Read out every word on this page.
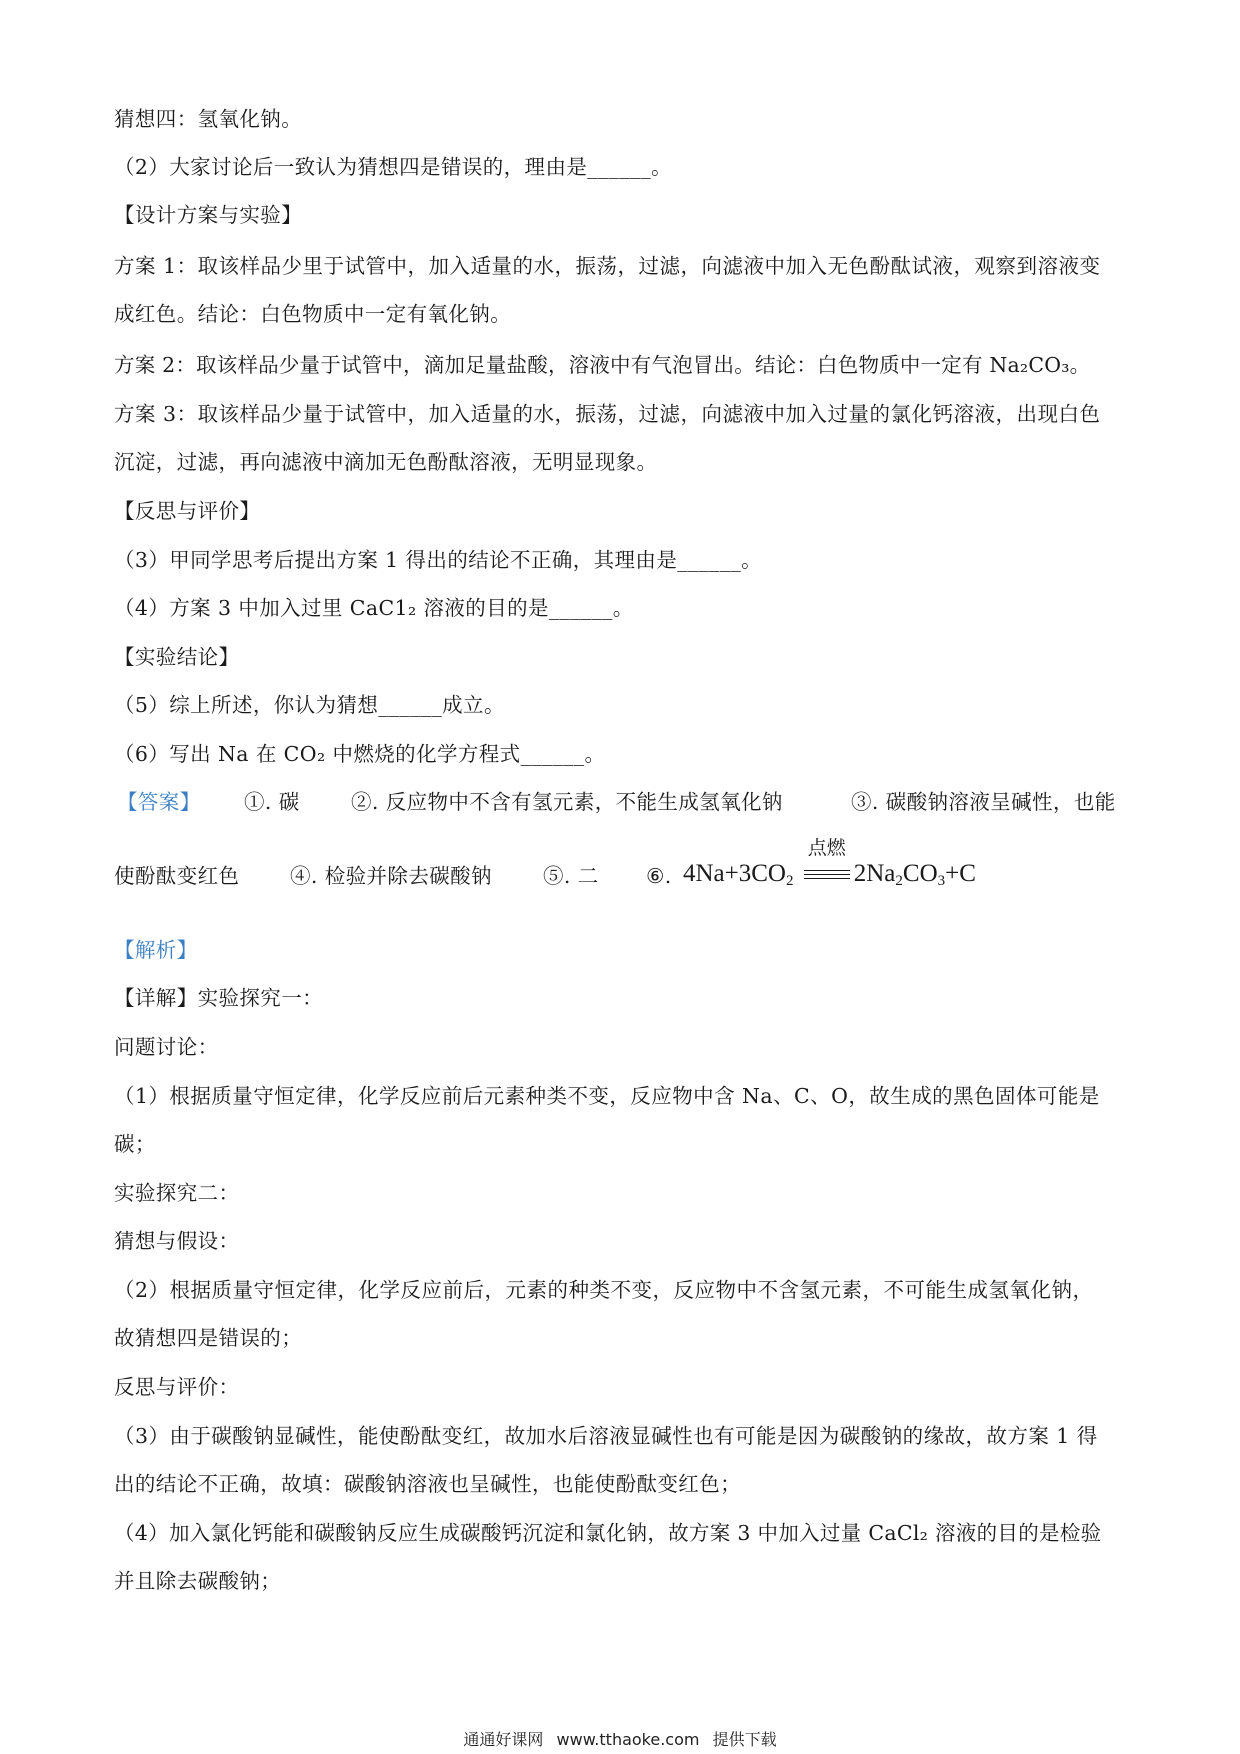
猜想四：氢氧化钠。
（2）大家讨论后一致认为猜想四是错误的，理由是______。
【设计方案与实验】
方案 1：取该样品少里于试管中，加入适量的水，振荡，过滤，向滤液中加入无色酚酞试液，观察到溶液变
成红色。结论：白色物质中一定有氧化钠。
方案 2：取该样品少量于试管中，滴加足量盐酸，溶液中有气泡冒出。结论：白色物质中一定有 Na₂CO₃。
方案 3：取该样品少量于试管中，加入适量的水，振荡，过滤，向滤液中加入过量的氯化钙溶液，出现白色
沉淀，过滤，再向滤液中滴加无色酚酞溶液，无明显现象。
【反思与评价】
（3）甲同学思考后提出方案 1 得出的结论不正确，其理由是______。
（4）方案 3 中加入过里 CaC1₂ 溶液的目的是______。
【实验结论】
（5）综上所述，你认为猜想______成立。
（6）写出 Na 在 CO₂ 中燃烧的化学方程式______。
【答案】 ①. 碳	②. 反应物中不含有氢元素，不能生成氢氧化钠	③. 碳酸钠溶液呈碱性，也能
使酚酞变红色 ④. 检验并除去碳酸钠 ⑤. 二 ⑥. $4Na+3CO_2$
点燃
$2Na_2CO_3+C$
【解析】
【详解】实验探究一：
问题讨论：
（1）根据质量守恒定律，化学反应前后元素种类不变，反应物中含 Na、C、O，故生成的黑色固体可能是
碳；
实验探究二：
猜想与假设：
（2）根据质量守恒定律，化学反应前后，元素的种类不变，反应物中不含氢元素，不可能生成氢氧化钠，
故猜想四是错误的；
反思与评价：
（3）由于碳酸钠显碱性，能使酚酞变红，故加水后溶液显碱性也有可能是因为碳酸钠的缘故，故方案 1 得
出的结论不正确，故填：碳酸钠溶液也呈碱性，也能使酚酞变红色；
（4）加入氯化钙能和碳酸钠反应生成碳酸钙沉淀和氯化钠，故方案 3 中加入过量 CaCl₂ 溶液的目的是检验
并且除去碳酸钠；
通通好课网 www.tthaoke.com 提供下载
